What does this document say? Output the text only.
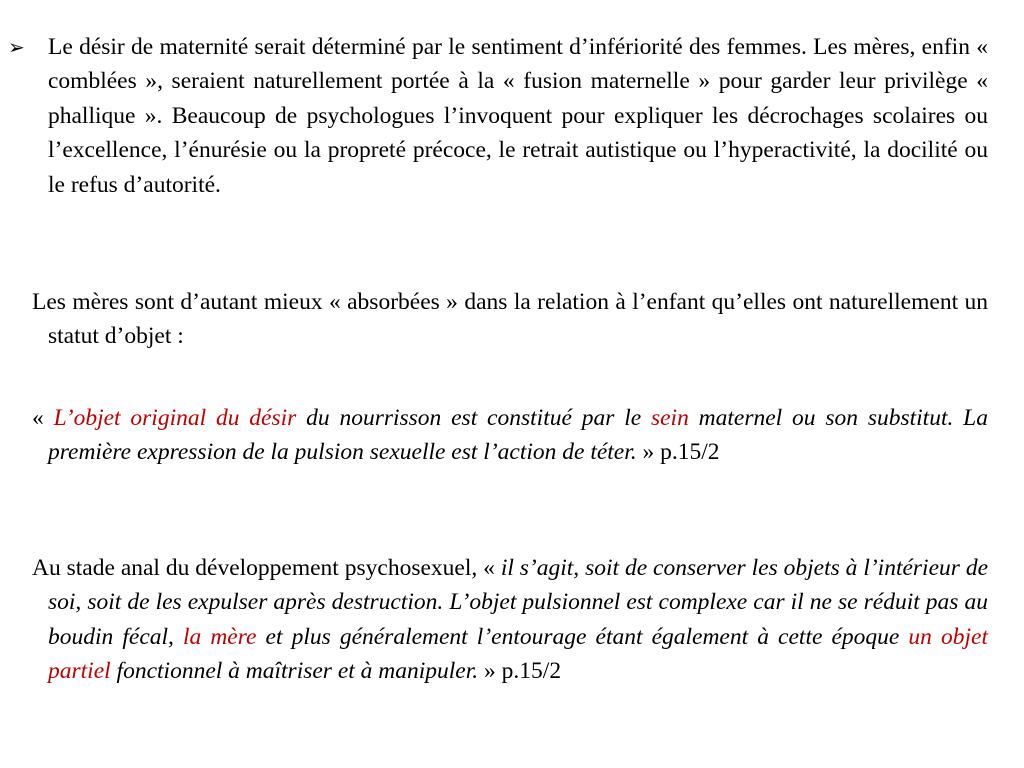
➢ Le désir de maternité serait déterminé par le sentiment d’infériorité des femmes. Les mères, enfin « comblées », seraient naturellement portée à la « fusion maternelle » pour garder leur privilège « phallique ». Beaucoup de psychologues l’invoquent pour expliquer les décrochages scolaires ou l’excellence, l’énurésie ou la propreté précoce, le retrait autistique ou l’hyperactivité, la docilité ou le refus d’autorité.

Les mères sont d’autant mieux « absorbées » dans la relation à l’enfant qu’elles ont naturellement un statut d’objet :

« L’objet original du désir du nourrisson est constitué par le sein maternel ou son substitut. La première expression de la pulsion sexuelle est l’action de téter. » p.15/2

Au stade anal du développement psychosexuel, « il s’agit, soit de conserver les objets à l’intérieur de soi, soit de les expulser après destruction. L’objet pulsionnel est complexe car il ne se réduit pas au boudin fécal, la mère et plus généralement l’entourage étant également à cette époque un objet partiel fonctionnel à maîtriser et à manipuler. » p.15/2
